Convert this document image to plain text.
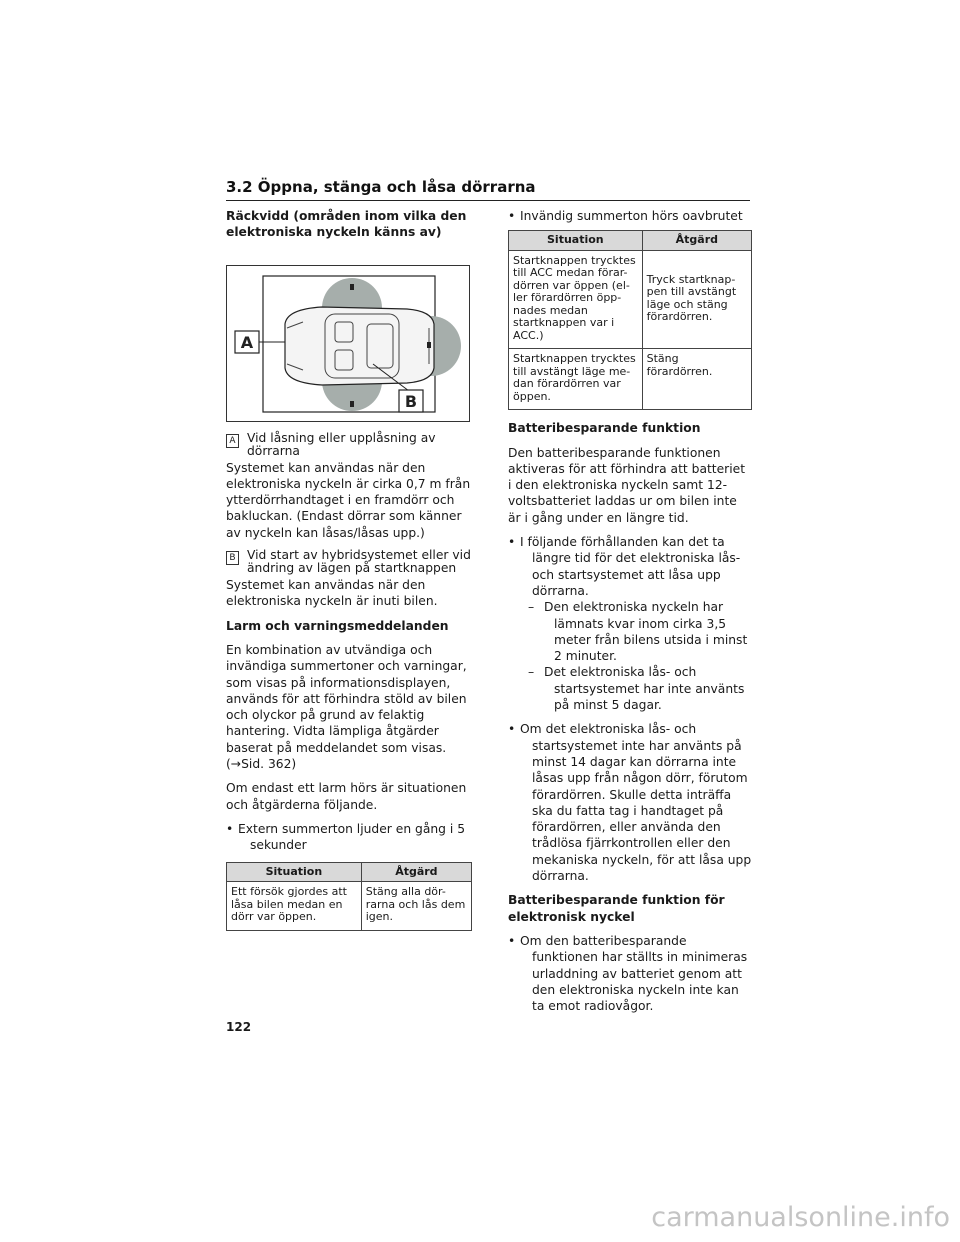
3.2 Öppna, stänga och låsa dörrarna
Räckvidd (områden inom vilka den elektroniska nyckeln känns av)
A
B
A Vid låsning eller upplåsning av dörrarna

Systemet kan användas när den elektroniska nyckeln är cirka 0,7 m från ytterdörrhandtaget i en framdörr och bakluckan. (Endast dörrar som känner av nyckeln kan låsas/låsas upp.)

B Vid start av hybridsystemet eller vid ändring av lägen på startknappen

Systemet kan användas när den elektroniska nyckeln är inuti bilen.

Larm och varningsmeddelanden

En kombination av utvändiga och invändiga summertoner och varningar, som visas på informationsdisplayen, används för att förhindra stöld av bilen och olyckor på grund av felaktig hantering. Vidta lämpliga åtgärder baserat på meddelandet som visas. (→Sid. 362)

Om endast ett larm hörs är situationen och åtgärderna följande.

• Extern summerton ljuder en gång i 5 sekunder
Situation	Åtgärd
Ett försök gjordes att låsa bilen medan en dörr var öppen.	Stäng alla dör-rarna och lås dem igen.
• Invändig summerton hörs oavbrutet
Situation	Åtgärd
Startknappen trycktes till ACC medan förar-dörren var öppen (el-ler förardörren öpp-nades medan startknappen var i ACC.)	Tryck startknap-pen till avstängt läge och stäng förardörren.
Startknappen trycktes till avstängt läge me-dan förardörren var öppen.	Stäng förardörren.
Batteribesparande funktion

Den batteribesparande funktionen aktiveras för att förhindra att batteriet i den elektroniska nyckeln samt 12-voltsbatteriet laddas ur om bilen inte är i gång under en längre tid.

• I följande förhållanden kan det ta längre tid för det elektroniska lås- och startsystemet att låsa upp dörrarna.
– Den elektroniska nyckeln har lämnats kvar inom cirka 3,5 meter från bilens utsida i minst 2 minuter.
– Det elektroniska lås- och startsystemet har inte använts på minst 5 dagar.
• Om det elektroniska lås- och startsystemet inte har använts på minst 14 dagar kan dörrarna inte låsas upp från någon dörr, förutom förardörren. Skulle detta inträffa ska du fatta tag i handtaget på förardörren, eller använda den trådlösa fjärrkontrollen eller den mekaniska nyckeln, för att låsa upp dörrarna.
Batteribesparande funktion för elektronisk nyckel
• Om den batteribesparande funktionen har ställts in minimeras urladdning av batteriet genom att den elektroniska nyckeln inte kan ta emot radiovågor.
122
carmanualsonline.info
